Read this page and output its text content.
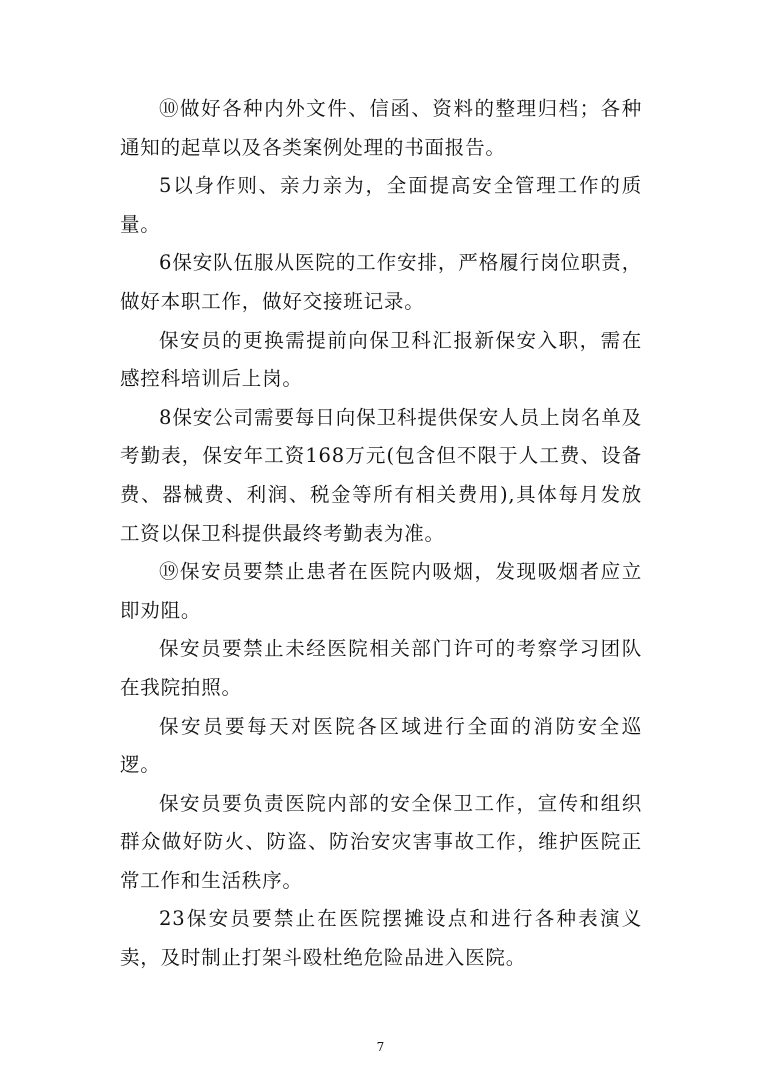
⑩做好各种内外文件、信函、资料的整理归档；各种通知的起草以及各类案例处理的书面报告。

5以身作则、亲力亲为，全面提高安全管理工作的质量。

6保安队伍服从医院的工作安排，严格履行岗位职责，做好本职工作，做好交接班记录。

保安员的更换需提前向保卫科汇报新保安入职，需在感控科培训后上岗。

8保安公司需要每日向保卫科提供保安人员上岗名单及考勤表，保安年工资168万元(包含但不限于人工费、设备费、器械费、利润、税金等所有相关费用),具体每月发放工资以保卫科提供最终考勤表为准。

⑲保安员要禁止患者在医院内吸烟，发现吸烟者应立即劝阻。

保安员要禁止未经医院相关部门许可的考察学习团队在我院拍照。

保安员要每天对医院各区域进行全面的消防安全巡逻。

保安员要负责医院内部的安全保卫工作，宣传和组织群众做好防火、防盗、防治安灾害事故工作，维护医院正常工作和生活秩序。

23保安员要禁止在医院摆摊设点和进行各种表演义卖，及时制止打架斗殴杜绝危险品进入医院。

7
